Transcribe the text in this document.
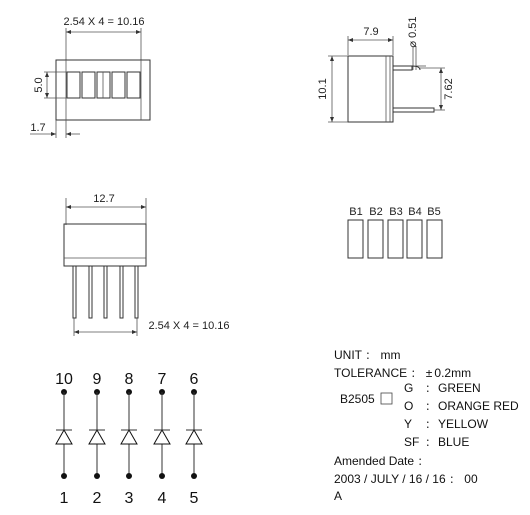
2.54 X 4 = 10.16
5.0
1.7
7.9
⌀ 0.51
10.1	7.62
12.7
2.54 X 4 = 10.16
B1 B2 B3 B4 B5
10 9 8 7 6
1 2 3 4 5
UNIT ： mm
TOLERANCE ： ± 0.2mm
B2505
G ： GREEN
O ： ORANGE RED
Y ： YELLOW
SF ： BLUE
Amended Date ：
2003 / JULY / 16 / 16 ： 00
A
